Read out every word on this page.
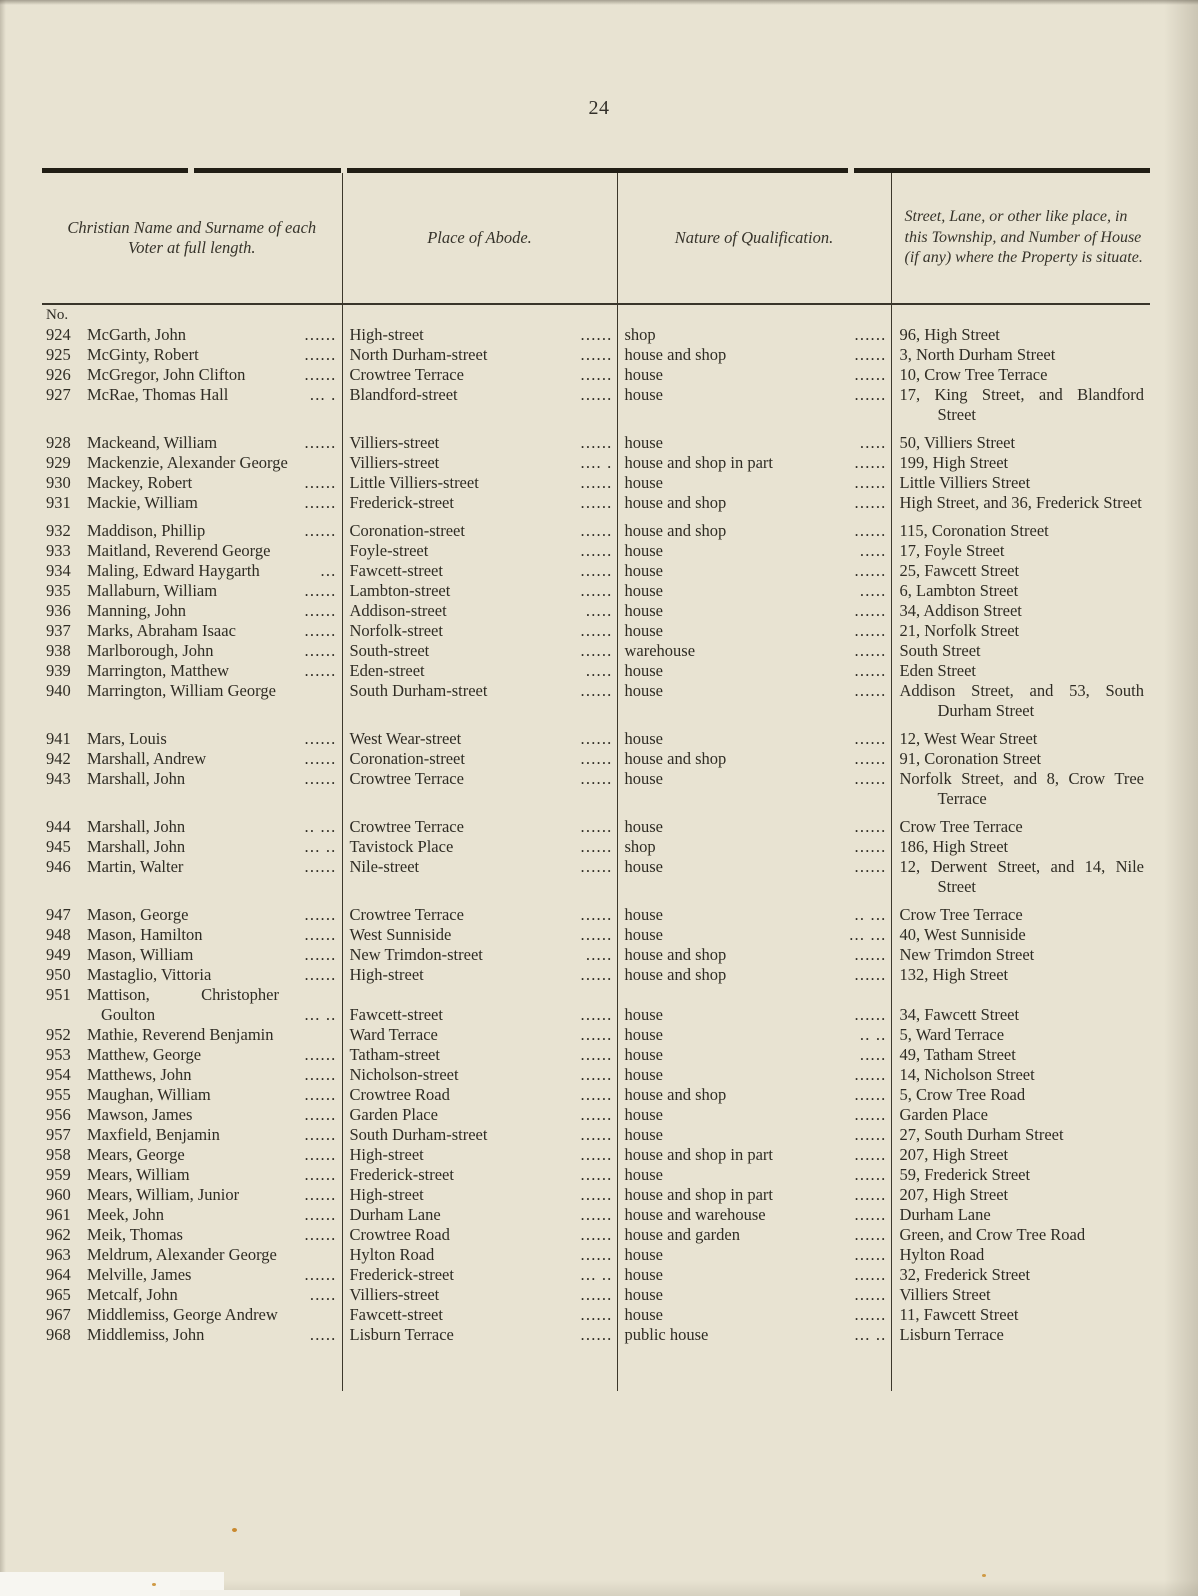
24
Christian Name and Surname of each Voter at full length.	Place of Abode.	Nature of Qualification.	Street, Lane, or other like place, in this Township, and Number of House (if any) where the Property is situate.

No.			

924 McGarth, John ......	High-street ......	shop ......	96, High Street

925 McGinty, Robert ......	North Durham-street ......	house and shop ......	3, North Durham Street

926 McGregor, John Clifton ......	Crowtree Terrace ......	house ......	10, Crow Tree Terrace

927 McRae, Thomas Hall ... .	Blandford-street ......	house ......	17, King Street, and Blandford Street

928 Mackeand, William ......	Villiers-street ......	house .....	50, Villiers Street

929 Mackenzie, Alexander George	Villiers-street .... .	house and shop in part ......	199, High Street

930 Mackey, Robert ......	Little Villiers-street ......	house ......	Little Villiers Street

931 Mackie, William ......	Frederick-street ......	house and shop ......	High Street, and 36, Frederick Street

932 Maddison, Phillip ......	Coronation-street ......	house and shop ......	115, Coronation Street

933 Maitland, Reverend George	Foyle-street ......	house .....	17, Foyle Street

934 Maling, Edward Haygarth ...	Fawcett-street ......	house ......	25, Fawcett Street

935 Mallaburn, William ......	Lambton-street ......	house .....	6, Lambton Street

936 Manning, John ......	Addison-street .....	house ......	34, Addison Street

937 Marks, Abraham Isaac ......	Norfolk-street ......	house ......	21, Norfolk Street

938 Marlborough, John ......	South-street ......	warehouse ......	South Street

939 Marrington, Matthew ......	Eden-street .....	house ......	Eden Street

940 Marrington, William George	South Durham-street ......	house ......	Addison Street, and 53, South Durham Street

941 Mars, Louis ......	West Wear-street ......	house ......	12, West Wear Street

942 Marshall, Andrew ......	Coronation-street ......	house and shop ......	91, Coronation Street

943 Marshall, John ......	Crowtree Terrace ......	house ......	Norfolk Street, and 8, Crow Tree Terrace

944 Marshall, John .. ...	Crowtree Terrace ......	house ......	Crow Tree Terrace

945 Marshall, John ... ..	Tavistock Place ......	shop ......	186, High Street

946 Martin, Walter ......	Nile-street ......	house ......	12, Derwent Street, and 14, Nile Street

947 Mason, George ......	Crowtree Terrace ......	house .. ...	Crow Tree Terrace

948 Mason, Hamilton ......	West Sunniside ......	house ... ...	40, West Sunniside

949 Mason, William ......	New Trimdon-street .....	house and shop ......	New Trimdon Street

950 Mastaglio, Vittoria ......	High-street ......	house and shop ......	132, High Street

951 Mattison, Christopher Goulton ... ..	Fawcett-street ......	house ......	34, Fawcett Street

952 Mathie, Reverend Benjamin	Ward Terrace ......	house .. ..	5, Ward Terrace

953 Matthew, George ......	Tatham-street ......	house .....	49, Tatham Street

954 Matthews, John ......	Nicholson-street ......	house ......	14, Nicholson Street

955 Maughan, William ......	Crowtree Road ......	house and shop ......	5, Crow Tree Road

956 Mawson, James ......	Garden Place ......	house ......	Garden Place

957 Maxfield, Benjamin ......	South Durham-street ......	house ......	27, South Durham Street

958 Mears, George ......	High-street ......	house and shop in part ......	207, High Street

959 Mears, William ......	Frederick-street ......	house ......	59, Frederick Street

960 Mears, William, Junior ......	High-street ......	house and shop in part ......	207, High Street

961 Meek, John ......	Durham Lane ......	house and warehouse ......	Durham Lane

962 Meik, Thomas ......	Crowtree Road ......	house and garden ......	Green, and Crow Tree Road

963 Meldrum, Alexander George	Hylton Road ......	house ......	Hylton Road

964 Melville, James ......	Frederick-street ... ..	house ......	32, Frederick Street

965 Metcalf, John .....	Villiers-street ......	house ......	Villiers Street

967 Middlemiss, George Andrew	Fawcett-street ......	house ......	11, Fawcett Street

968 Middlemiss, John .....	Lisburn Terrace ......	public house ... ..	Lisburn Terrace
